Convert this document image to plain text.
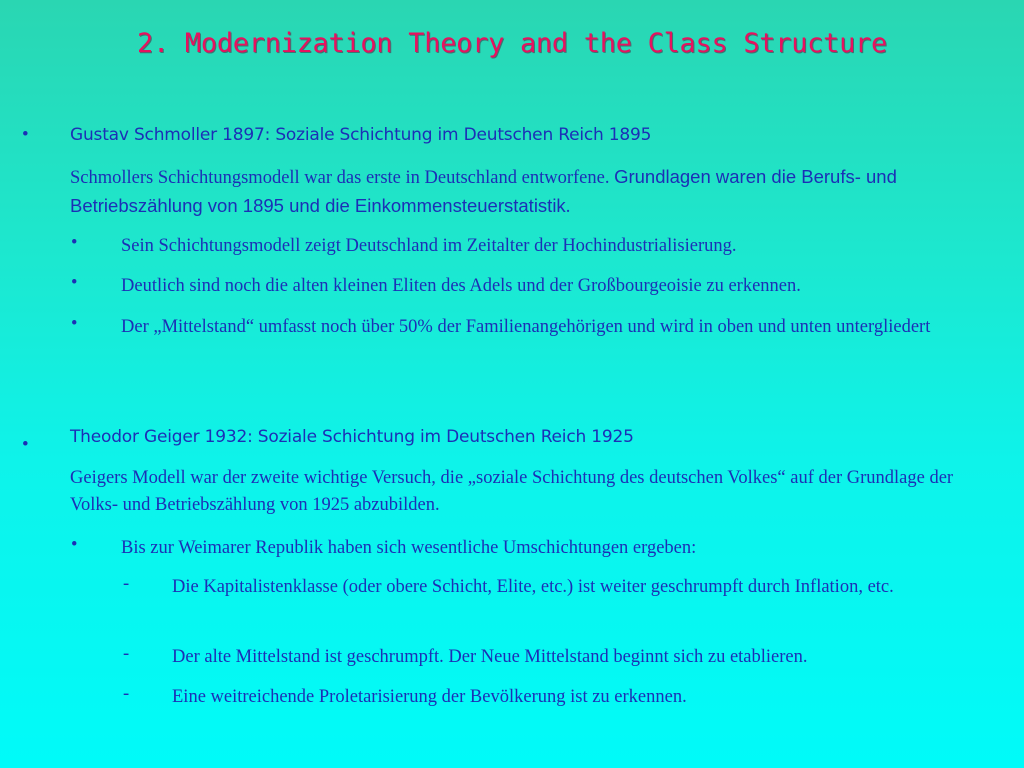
2. Modernization Theory and the Class Structure
• Gustav Schmoller 1897: Soziale Schichtung im Deutschen Reich 1895
Schmollers Schichtungsmodell war das erste in Deutschland entworfene. Grundlagen waren die Berufs- und Betriebszählung von 1895 und die Einkommensteuerstatistik.
• Sein Schichtungsmodell zeigt Deutschland im Zeitalter der Hochindustrialisierung.
• Deutlich sind noch die alten kleinen Eliten des Adels und der Großbourgeoisie zu erkennen.
• Der „Mittelstand“ umfasst noch über 50% der Familienangehörigen und wird in oben und unten untergliedert
• Theodor Geiger 1932: Soziale Schichtung im Deutschen Reich 1925
Geigers Modell war der zweite wichtige Versuch, die „soziale Schichtung des deutschen Volkes“ auf der Grundlage der Volks- und Betriebszählung von 1925 abzubilden.
• Bis zur Weimarer Republik haben sich wesentliche Umschichtungen ergeben:
- Die Kapitalistenklasse (oder obere Schicht, Elite, etc.) ist weiter geschrumpft durch Inflation, etc.
- Der alte Mittelstand ist geschrumpft. Der Neue Mittelstand beginnt sich zu etablieren.
- Eine weitreichende Proletarisierung der Bevölkerung ist zu erkennen.
